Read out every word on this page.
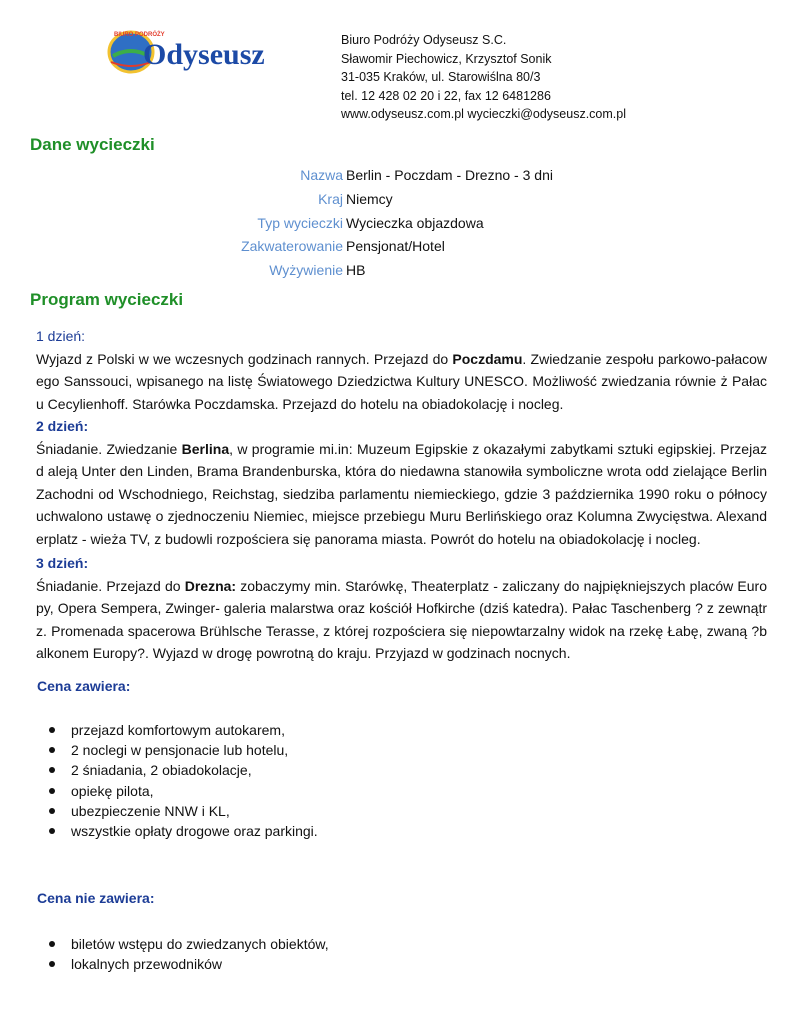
BIURO PODRÓŻY
Odyseusz	Biuro Podróży Odyseusz S.C.
Sławomir Piechowicz, Krzysztof Sonik
31-035 Kraków, ul. Starowiślna 80/3
tel. 12 428 02 20 i 22, fax 12 6481286
www.odyseusz.com.pl wycieczki@odyseusz.com.pl
Dane wycieczki
Nazwa Berlin - Poczdam - Drezno - 3 dni
Kraj Niemcy
Typ wycieczki Wycieczka objazdowa
Zakwaterowanie Pensjonat/Hotel
Wyżywienie HB
Program wycieczki
1 dzień:
Wyjazd z Polski w we wczesnych godzinach rannych. Przejazd do Poczdamu. Zwiedzanie zespołu parkowo-pałacowego Sanssouci, wpisanego na listę Światowego Dziedzictwa Kultury UNESCO. Możliwość zwiedzania równie ż Pałacu Cecylienhoff. Starówka Poczdamska. Przejazd do hotelu na obiadokolację i nocleg.
2 dzień:
Śniadanie. Zwiedzanie Berlina, w programie mi.in: Muzeum Egipskie z okazałymi zabytkami sztuki egipskiej. Przejazd aleją Unter den Linden, Brama Brandenburska, która do niedawna stanowiła symboliczne wrota odd zielające Berlin Zachodni od Wschodniego, Reichstag, siedziba parlamentu niemieckiego, gdzie 3 października 1990 roku o północy uchwalono ustawę o zjednoczeniu Niemiec, miejsce przebiegu Muru Berlińskiego oraz Kolumna Zwycięstwa. Alexanderplatz - wieża TV, z budowli rozpościera się panorama miasta. Powrót do hotelu na obiadokolację i nocleg.
3 dzień:
Śniadanie. Przejazd do Drezna: zobaczymy min. Starówkę, Theaterplatz - zaliczany do najpiękniejszych placów Europy, Opera Sempera, Zwinger- galeria malarstwa oraz kościół Hofkirche (dziś katedra). Pałac Taschenberg ? z zewnątrz. Promenada spacerowa Brühlsche Terasse, z której rozpościera się niepowtarzalny widok na rzekę Łabę, zwaną ?balkonem Europy?. Wyjazd w drogę powrotną do kraju. Przyjazd w godzinach nocnych.
Cena zawiera:
przejazd komfortowym autokarem,
2 noclegi w pensjonacie lub hotelu,
2 śniadania, 2 obiadokolacje,
opiekę pilota,
ubezpieczenie NNW i KL,
wszystkie opłaty drogowe oraz parkingi.
Cena nie zawiera:
biletów wstępu do zwiedzanych obiektów,
lokalnych przewodników
